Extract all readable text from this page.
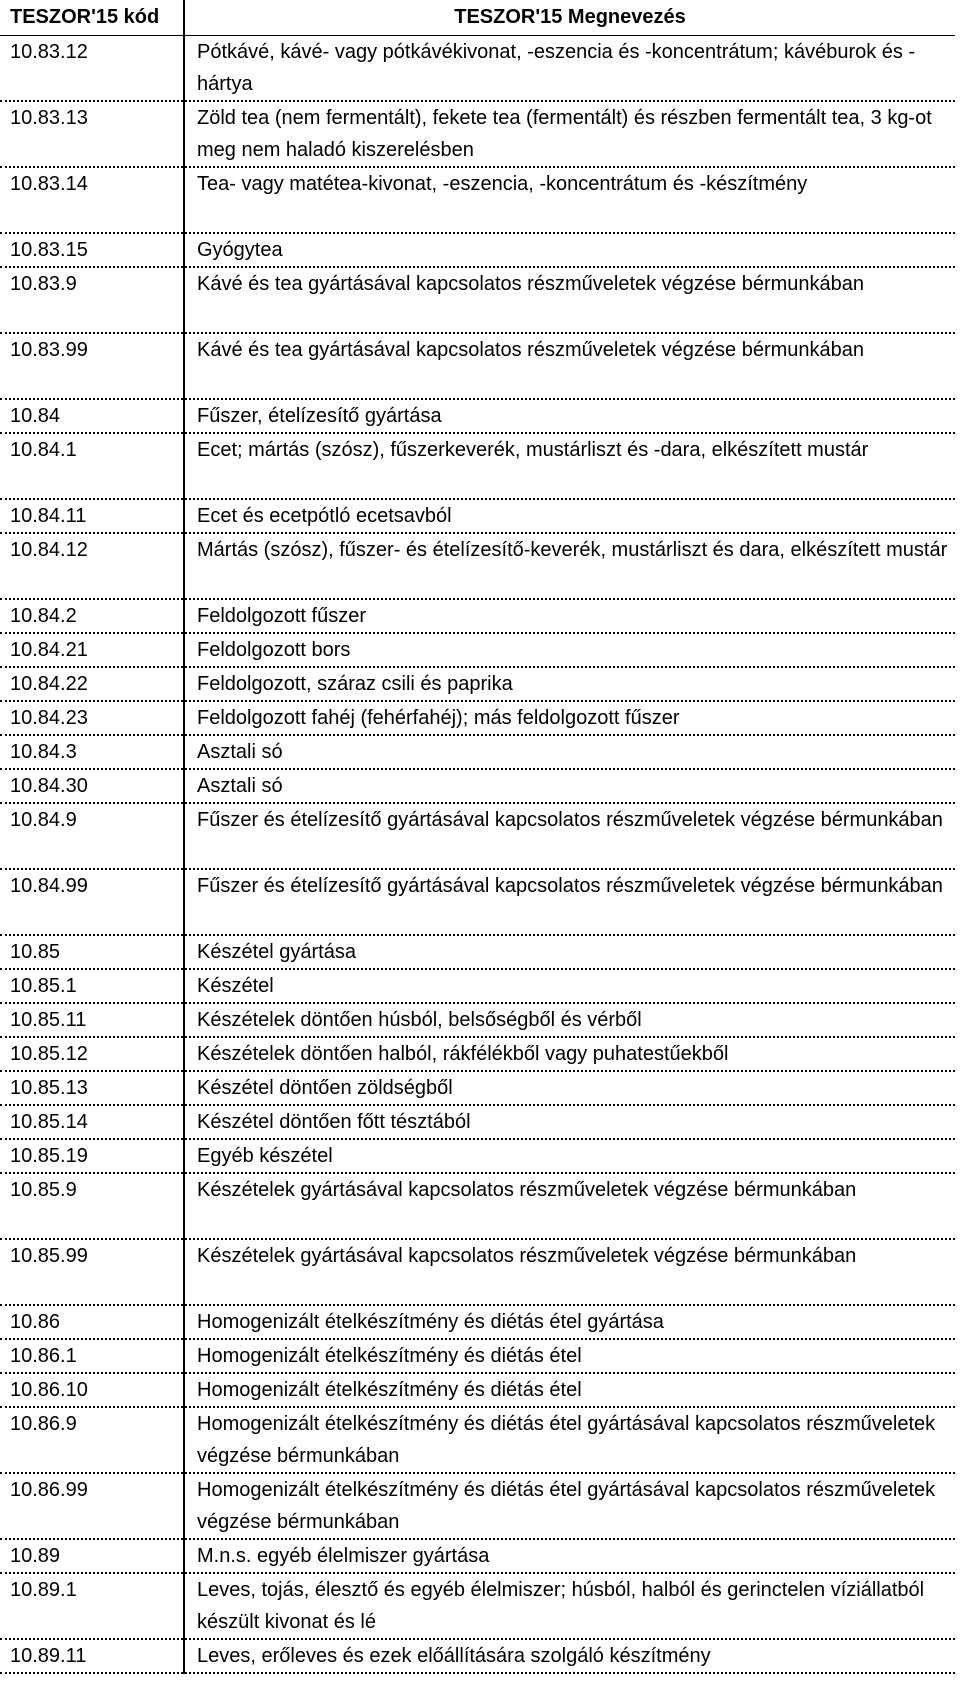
TESZOR'15 kód	TESZOR'15 Megnevezés
10.83.12	Pótkávé, kávé- vagy pótkávékivonat, -eszencia és -koncentrátum; kávéburok és -hártya
10.83.13	Zöld tea (nem fermentált), fekete tea (fermentált) és részben fermentált tea, 3 kg-ot meg nem haladó kiszerelésben
10.83.14	Tea- vagy matétea-kivonat, -eszencia, -koncentrátum és -készítmény
10.83.15	Gyógytea
10.83.9	Kávé és tea gyártásával kapcsolatos részműveletek végzése bérmunkában
10.83.99	Kávé és tea gyártásával kapcsolatos részműveletek végzése bérmunkában
10.84	Fűszer, ételízesítő gyártása
10.84.1	Ecet; mártás (szósz), fűszerkeverék, mustárliszt és -dara, elkészített mustár
10.84.11	Ecet és ecetpótló ecetsavból
10.84.12	Mártás (szósz), fűszer- és ételízesítő-keverék, mustárliszt és dara, elkészített mustár
10.84.2	Feldolgozott fűszer
10.84.21	Feldolgozott bors
10.84.22	Feldolgozott, száraz csili és paprika
10.84.23	Feldolgozott fahéj (fehérfahéj); más feldolgozott fűszer
10.84.3	Asztali só
10.84.30	Asztali só
10.84.9	Fűszer és ételízesítő gyártásával kapcsolatos részműveletek végzése bérmunkában
10.84.99	Fűszer és ételízesítő gyártásával kapcsolatos részműveletek végzése bérmunkában
10.85	Készétel gyártása
10.85.1	Készétel
10.85.11	Készételek döntően húsból, belsőségből és vérből
10.85.12	Készételek döntően halból, rákfélékből vagy puhatestűekből
10.85.13	Készétel döntően zöldségből
10.85.14	Készétel döntően főtt tésztából
10.85.19	Egyéb készétel
10.85.9	Készételek gyártásával kapcsolatos részműveletek végzése bérmunkában
10.85.99	Készételek gyártásával kapcsolatos részműveletek végzése bérmunkában
10.86	Homogenizált ételkészítmény és diétás étel gyártása
10.86.1	Homogenizált ételkészítmény és diétás étel
10.86.10	Homogenizált ételkészítmény és diétás étel
10.86.9	Homogenizált ételkészítmény és diétás étel gyártásával kapcsolatos részműveletek végzése bérmunkában
10.86.99	Homogenizált ételkészítmény és diétás étel gyártásával kapcsolatos részműveletek végzése bérmunkában
10.89	M.n.s. egyéb élelmiszer gyártása
10.89.1	Leves, tojás, élesztő és egyéb élelmiszer; húsból, halból és gerinctelen víziállatból készült kivonat és lé
10.89.11	Leves, erőleves és ezek előállítására szolgáló készítmény
